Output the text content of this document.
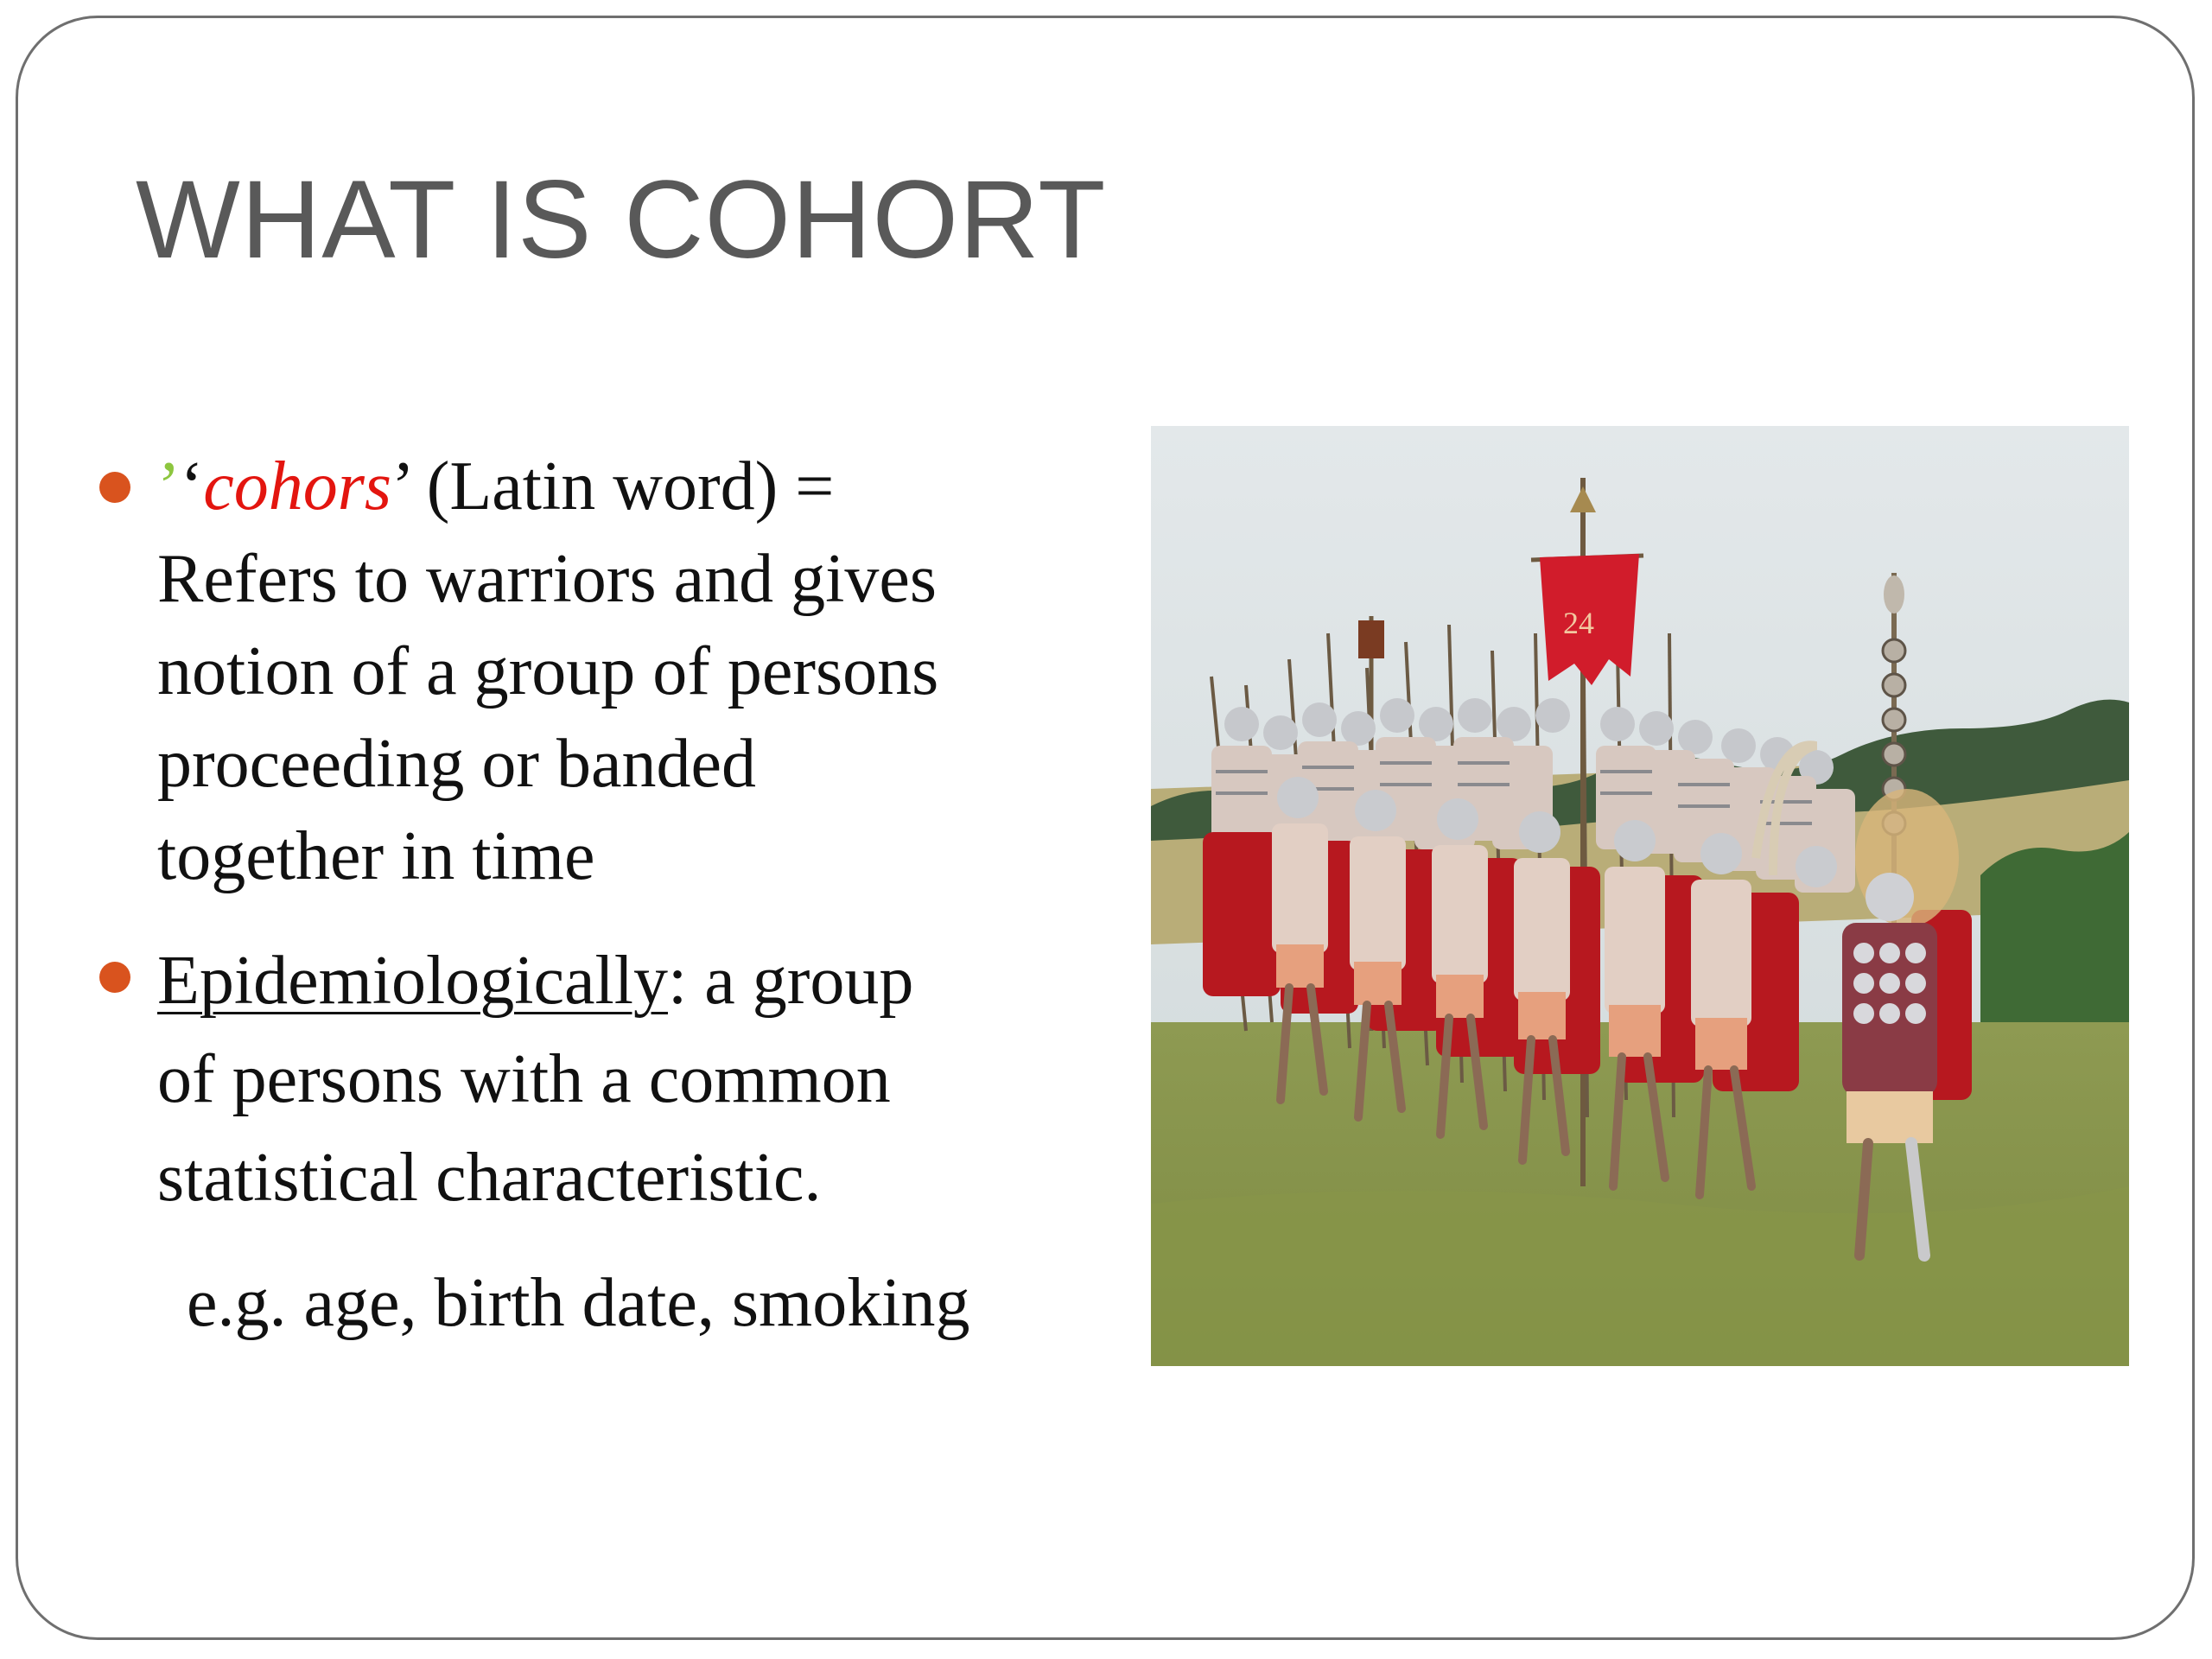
WHAT IS COHORT
’‘cohors’ (Latin word) =
Refers to warriors and gives
notion of a group of persons
proceeding or banded
together in time
Epidemiologically: a group
of persons with a common
statistical characteristic.
e.g. age, birth date, smoking
24
